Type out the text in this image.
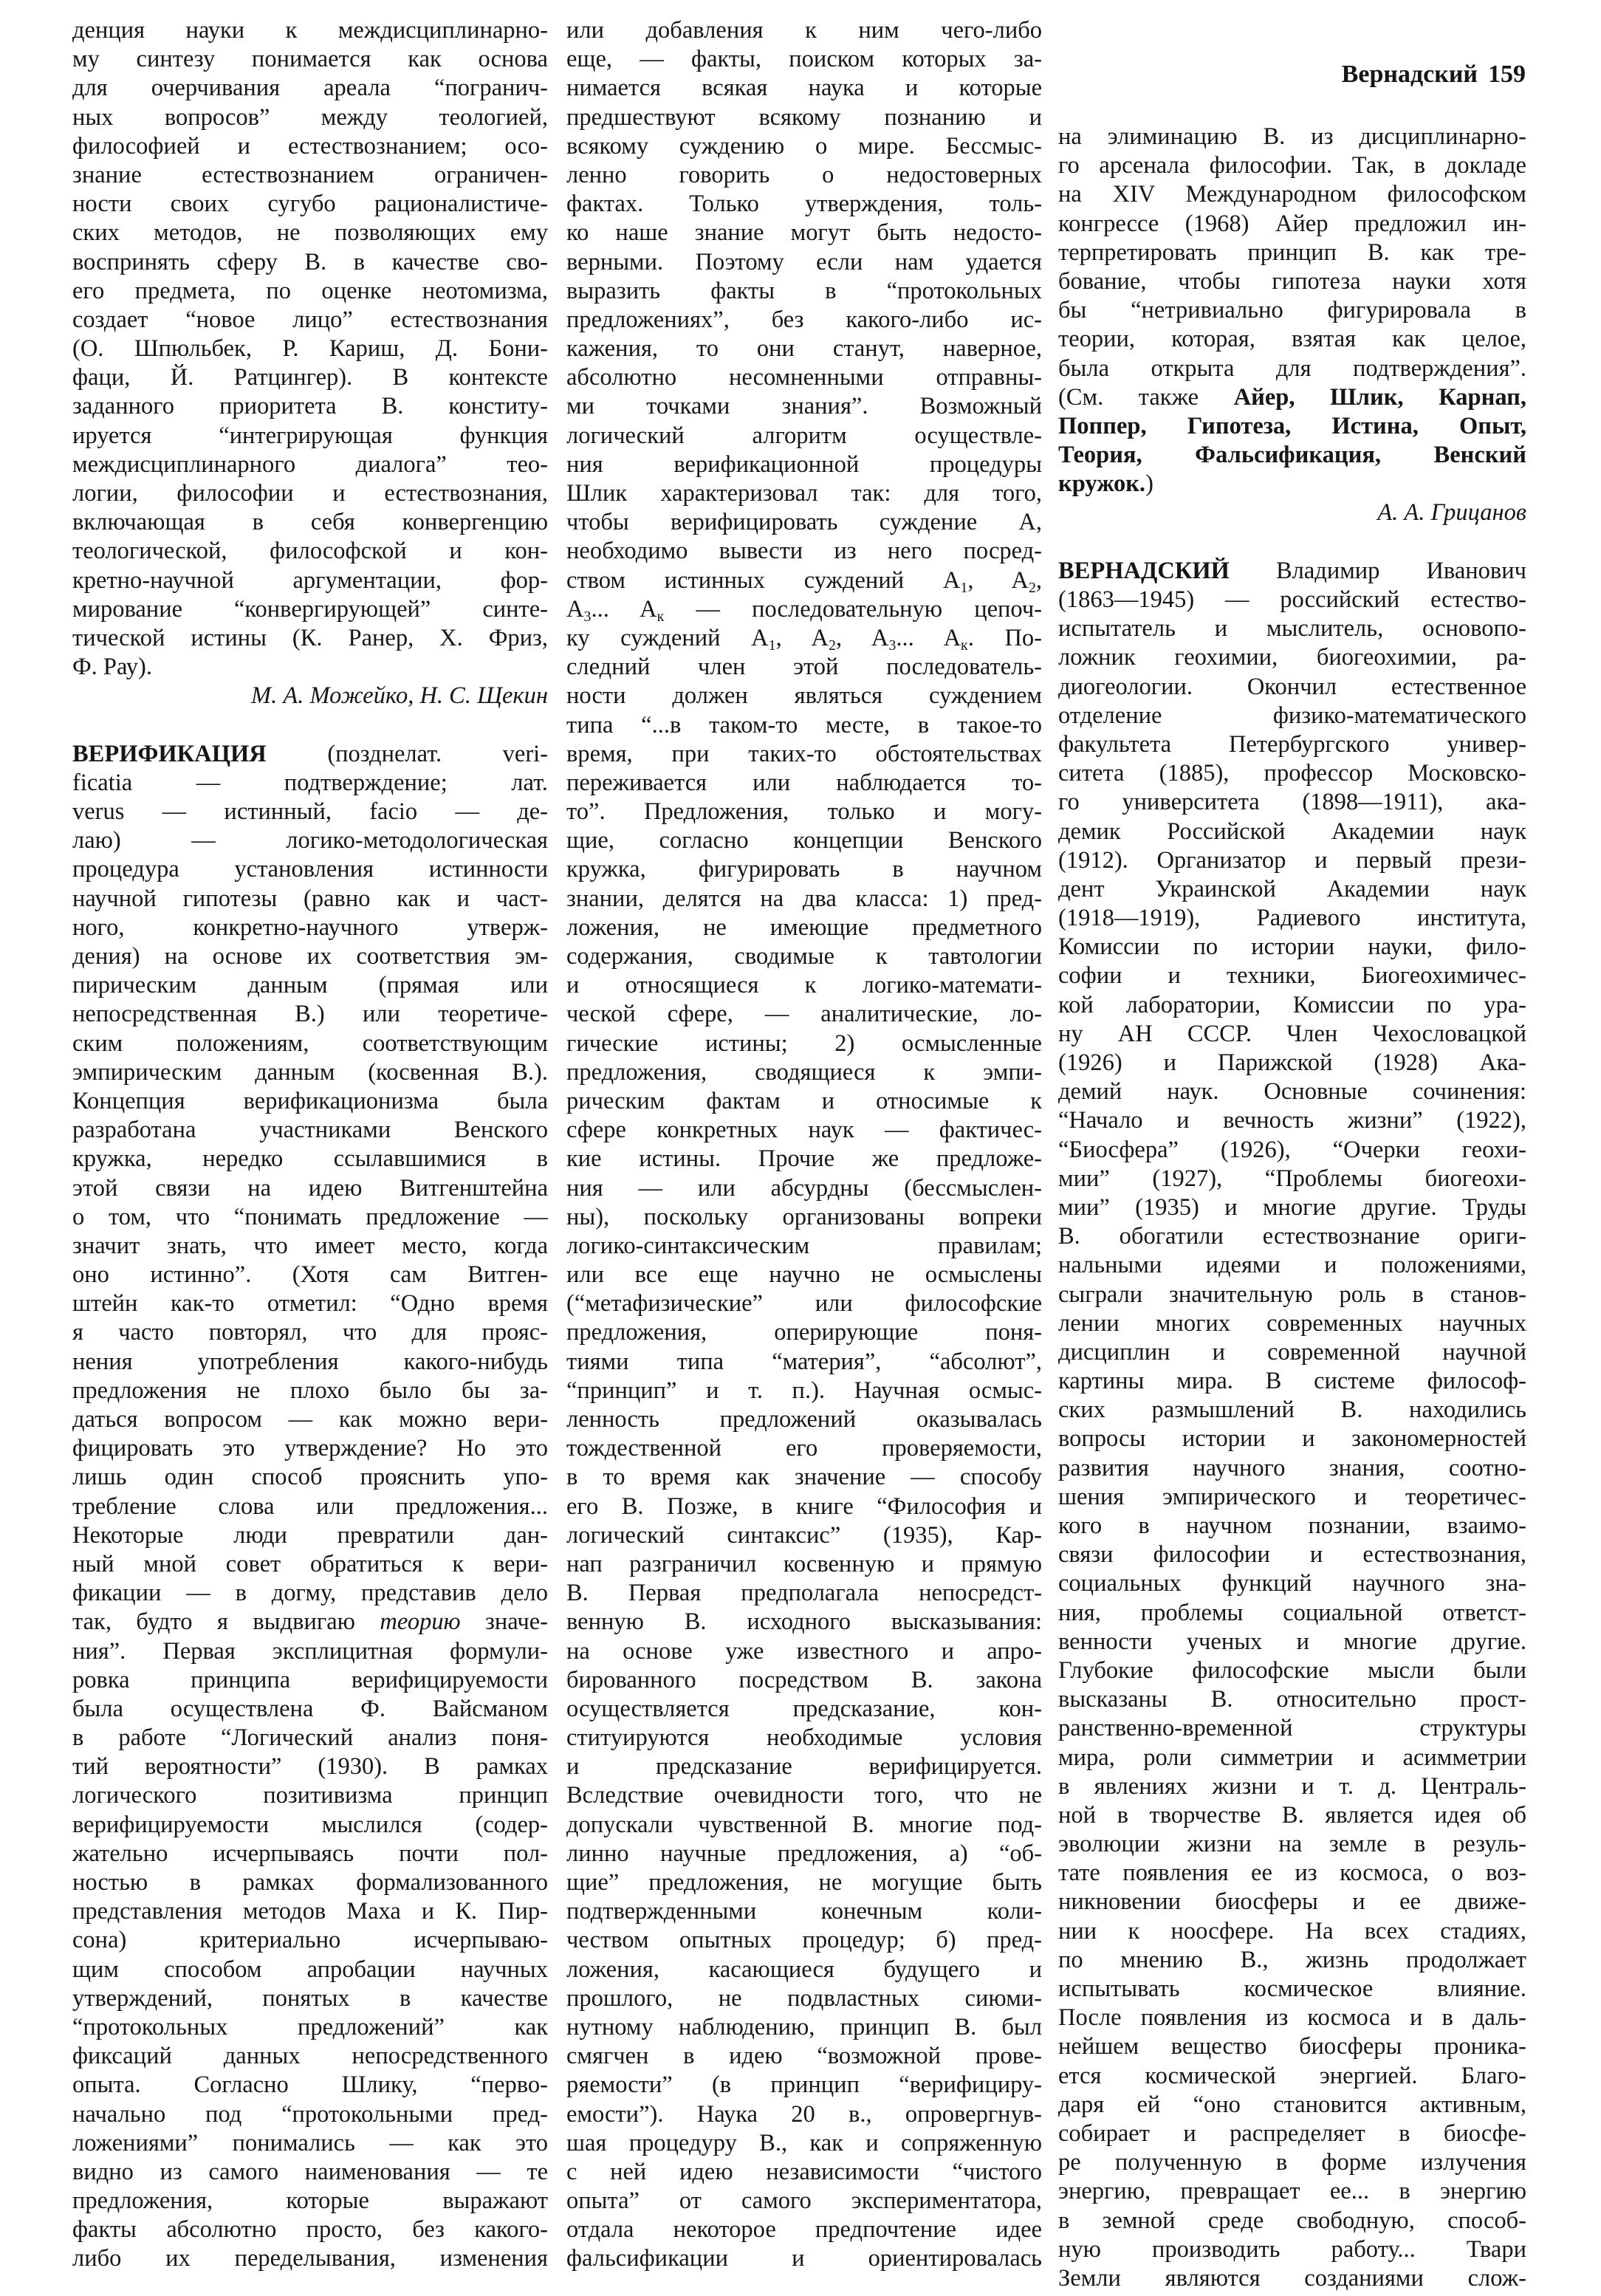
Вернадский 159
денция науки к междисциплинарно-
му синтезу понимается как основа
для очерчивания ареала “погранич-
ных вопросов” между теологией,
философией и естествознанием; осо-
знание естествознанием ограничен-
ности своих сугубо рационалистиче-
ских методов, не позволяющих ему
воспринять сферу В. в качестве сво-
его предмета, по оценке неотомизма,
создает “новое лицо” естествознания
(О. Шпюльбек, Р. Кариш, Д. Бони-
фаци, Й. Ратцингер). В контексте
заданного приоритета В. конститу-
ируется “интегрирующая функция
междисциплинарного диалога” тео-
логии, философии и естествознания,
включающая в себя конвергенцию
теологической, философской и кон-
кретно-научной аргументации, фор-
мирование “конвергирующей” синте-
тической истины (К. Ранер, Х. Фриз,
Ф. Рау).
М. А. Можейко, Н. С. Щекин
ВЕРИФИКАЦИЯ (позднелат. veri-
ficatia — подтверждение; лат.
verus — истинный, facio — де-
лаю) — логико-методологическая
процедура установления истинности
научной гипотезы (равно как и част-
ного, конкретно-научного утверж-
дения) на основе их соответствия эм-
пирическим данным (прямая или
непосредственная В.) или теоретиче-
ским положениям, соответствующим
эмпирическим данным (косвенная В.).
Концепция верификационизма была
разработана участниками Венского
кружка, нередко ссылавшимися в
этой связи на идею Витгенштейна
о том, что “понимать предложение —
значит знать, что имеет место, когда
оно истинно”. (Хотя сам Витген-
штейн как-то отметил: “Одно время
я часто повторял, что для прояс-
нения употребления какого-нибудь
предложения не плохо было бы за-
даться вопросом — как можно вери-
фицировать это утверждение? Но это
лишь один способ прояснить упо-
требление слова или предложения...
Некоторые люди превратили дан-
ный мной совет обратиться к вери-
фикации — в догму, представив дело
так, будто я выдвигаю теорию значе-
ния”. Первая эксплицитная формули-
ровка принципа верифицируемости
была осуществлена Ф. Вайсманом
в работе “Логический анализ поня-
тий вероятности” (1930). В рамках
логического позитивизма принцип
верифицируемости мыслился (содер-
жательно исчерпываясь почти пол-
ностью в рамках формализованного
представления методов Маха и К. Пир-
сона) критериально исчерпываю-
щим способом апробации научных
утверждений, понятых в качестве
“протокольных предложений” как
фиксаций данных непосредственного
опыта. Согласно Шлику, “перво-
начально под “протокольными пред-
ложениями” понимались — как это
видно из самого наименования — те
предложения, которые выражают
факты абсолютно просто, без какого-
либо их переделывания, изменения
или добавления к ним чего-либо
еще, — факты, поиском которых за-
нимается всякая наука и которые
предшествуют всякому познанию и
всякому суждению о мире. Бессмыс-
ленно говорить о недостоверных
фактах. Только утверждения, толь-
ко наше знание могут быть недосто-
верными. Поэтому если нам удается
выразить факты в “протокольных
предложениях”, без какого-либо ис-
кажения, то они станут, наверное,
абсолютно несомненными отправны-
ми точками знания”. Возможный
логический алгоритм осуществле-
ния верификационной процедуры
Шлик характеризовал так: для того,
чтобы верифицировать суждение А,
необходимо вывести из него посред-
ством истинных суждений $A_1$, $A_2$,
$A_3$... $A_к$ — последовательную цепоч-
ку суждений $A_1$, $A_2$, $A_3$... $A_к$. По-
следний член этой последователь-
ности должен являться суждением
типа “...в таком-то месте, в такое-то
время, при таких-то обстоятельствах
переживается или наблюдается то-
то”. Предложения, только и могу-
щие, согласно концепции Венского
кружка, фигурировать в научном
знании, делятся на два класса: 1) пред-
ложения, не имеющие предметного
содержания, сводимые к тавтологии
и относящиеся к логико-математи-
ческой сфере, — аналитические, ло-
гические истины; 2) осмысленные
предложения, сводящиеся к эмпи-
рическим фактам и относимые к
сфере конкретных наук — фактичес-
кие истины. Прочие же предложе-
ния — или абсурдны (бессмыслен-
ны), поскольку организованы вопреки
логико-синтаксическим правилам;
или все еще научно не осмыслены
(“метафизические” или философские
предложения, оперирующие поня-
тиями типа “материя”, “абсолют”,
“принцип” и т. п.). Научная осмыс-
ленность предложений оказывалась
тождественной его проверяемости,
в то время как значение — способу
его В. Позже, в книге “Философия и
логический синтаксис” (1935), Кар-
нап разграничил косвенную и прямую
В. Первая предполагала непосредст-
венную В. исходного высказывания:
на основе уже известного и апро-
бированного посредством В. закона
осуществляется предсказание, кон-
ституируются необходимые условия
и предсказание верифицируется.
Вследствие очевидности того, что не
допускали чувственной В. многие под-
линно научные предложения, а) “об-
щие” предложения, не могущие быть
подтвержденными конечным коли-
чеством опытных процедур; б) пред-
ложения, касающиеся будущего и
прошлого, не подвластных сиюми-
нутному наблюдению, принцип В. был
смягчен в идею “возможной прове-
ряемости” (в принцип “верифициру-
емости”). Наука 20 в., опровергнув-
шая процедуру В., как и сопряженную
с ней идею независимости “чистого
опыта” от самого экспериментатора,
отдала некоторое предпочтение идее
фальсификации и ориентировалась
на элиминацию В. из дисциплинарно-
го арсенала философии. Так, в докладе
на XIV Международном философском
конгрессе (1968) Айер предложил ин-
терпретировать принцип В. как тре-
бование, чтобы гипотеза науки хотя
бы “нетривиально фигурировала в
теории, которая, взятая как целое,
была открыта для подтверждения”.
(См. также Айер, Шлик, Карнап,
Поппер, Гипотеза, Истина, Опыт,
Теория, Фальсификация, Венский
кружок.)
А. А. Грицанов
ВЕРНАДСКИЙ Владимир Иванович
(1863—1945) — российский естество-
испытатель и мыслитель, основопо-
ложник геохимии, биогеохимии, ра-
диогеологии. Окончил естественное
отделение физико-математического
факультета Петербургского универ-
ситета (1885), профессор Московско-
го университета (1898—1911), ака-
демик Российской Академии наук
(1912). Организатор и первый прези-
дент Украинской Академии наук
(1918—1919), Радиевого института,
Комиссии по истории науки, фило-
софии и техники, Биогеохимичес-
кой лаборатории, Комиссии по ура-
ну АН СССР. Член Чехословацкой
(1926) и Парижской (1928) Ака-
демий наук. Основные сочинения:
“Начало и вечность жизни” (1922),
“Биосфера” (1926), “Очерки геохи-
мии” (1927), “Проблемы биогеохи-
мии” (1935) и многие другие. Труды
В. обогатили естествознание ориги-
нальными идеями и положениями,
сыграли значительную роль в станов-
лении многих современных научных
дисциплин и современной научной
картины мира. В системе философ-
ских размышлений В. находились
вопросы истории и закономерностей
развития научного знания, соотно-
шения эмпирического и теоретичес-
кого в научном познании, взаимо-
связи философии и естествознания,
социальных функций научного зна-
ния, проблемы социальной ответст-
венности ученых и многие другие.
Глубокие философские мысли были
высказаны В. относительно прост-
ранственно-временной структуры
мира, роли симметрии и асимметрии
в явлениях жизни и т. д. Централь-
ной в творчестве В. является идея об
эволюции жизни на земле в резуль-
тате появления ее из космоса, о воз-
никновении биосферы и ее движе-
нии к ноосфере. На всех стадиях,
по мнению В., жизнь продолжает
испытывать космическое влияние.
После появления из космоса и в даль-
нейшем вещество биосферы проника-
ется космической энергией. Благо-
даря ей “оно становится активным,
собирает и распределяет в биосфе-
ре полученную в форме излучения
энергию, превращает ее... в энергию
в земной среде свободную, способ-
ную производить работу... Твари
Земли являются созданиями слож-
